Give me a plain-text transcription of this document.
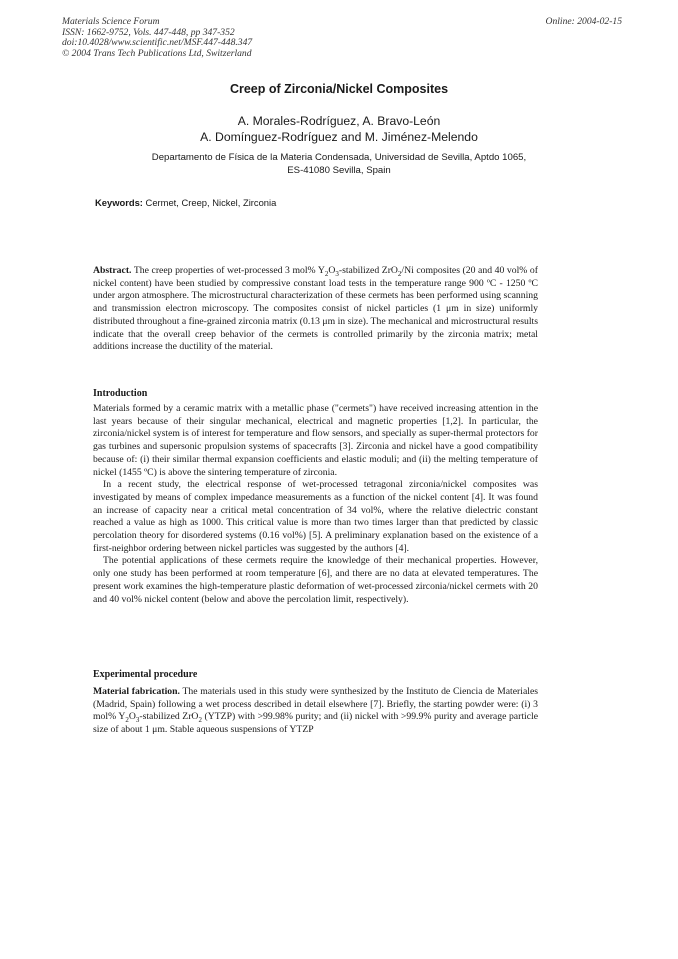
Materials Science Forum
ISSN: 1662-9752, Vols. 447-448, pp 347-352
doi:10.4028/www.scientific.net/MSF.447-448.347
© 2004 Trans Tech Publications Ltd, Switzerland
Online: 2004-02-15
Creep of Zirconia/Nickel Composites
A. Morales-Rodríguez, A. Bravo-León
A. Domínguez-Rodríguez and M. Jiménez-Melendo
Departamento de Física de la Materia Condensada, Universidad de Sevilla, Aptdo 1065,
ES-41080 Sevilla, Spain
Keywords: Cermet, Creep, Nickel, Zirconia

Abstract. The creep properties of wet-processed 3 mol% $Y_2O_3$-stabilized ZrO$_2$/Ni composites (20 and 40 vol% of nickel content) have been studied by compressive constant load tests in the temperature range 900 ºC - 1250 ºC under argon atmosphere. The microstructural characterization of these cermets has been performed using scanning and transmission electron microscopy. The composites consist of nickel particles (1 μm in size) uniformly distributed throughout a fine-grained zirconia matrix (0.13 μm in size). The mechanical and microstructural results indicate that the overall creep behavior of the cermets is controlled primarily by the zirconia matrix; metal additions increase the ductility of the material.

Introduction

Materials formed by a ceramic matrix with a metallic phase ("cermets") have received increasing attention in the last years because of their singular mechanical, electrical and magnetic properties [1,2]. In particular, the zirconia/nickel system is of interest for temperature and flow sensors, and specially as super-thermal protectors for gas turbines and supersonic propulsion systems of spacecrafts [3]. Zirconia and nickel have a good compatibility because of: (i) their similar thermal expansion coefficients and elastic moduli; and (ii) the melting temperature of nickel (1455 ºC) is above the sintering temperature of zirconia.

In a recent study, the electrical response of wet-processed tetragonal zirconia/nickel composites was investigated by means of complex impedance measurements as a function of the nickel content [4]. It was found an increase of capacity near a critical metal concentration of 34 vol%, where the relative dielectric constant reached a value as high as 1000. This critical value is more than two times larger than that predicted by classic percolation theory for disordered systems (0.16 vol%) [5]. A preliminary explanation based on the existence of a first-neighbor ordering between nickel particles was suggested by the authors [4].

The potential applications of these cermets require the knowledge of their mechanical properties. However, only one study has been performed at room temperature [6], and there are no data at elevated temperatures. The present work examines the high-temperature plastic deformation of wet-processed zirconia/nickel cermets with 20 and 40 vol% nickel content (below and above the percolation limit, respectively).

Experimental procedure

Material fabrication. The materials used in this study were synthesized by the Instituto de Ciencia de Materiales (Madrid, Spain) following a wet process described in detail elsewhere [7]. Briefly, the starting powder were: (i) 3 mol% $Y_2O_3$-stabilized ZrO$_2$ (YTZP) with >99.98% purity; and (ii) nickel with >99.9% purity and average particle size of about 1 μm. Stable aqueous suspensions of YTZP
